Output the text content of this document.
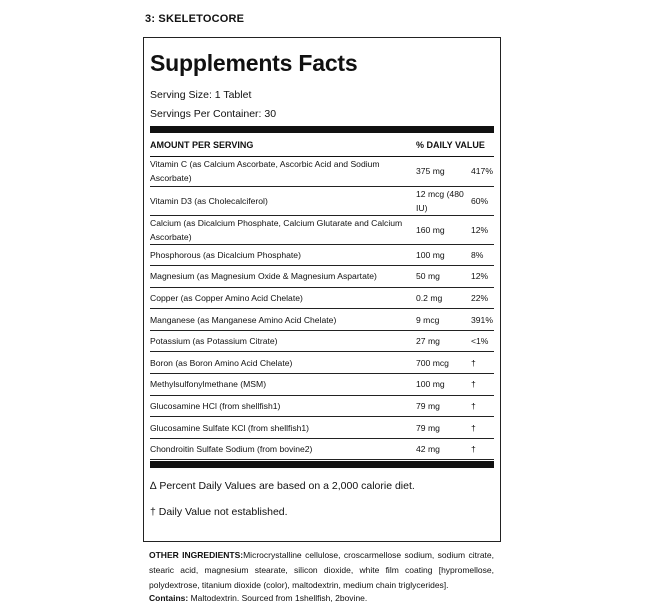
3: SKELETOCORE
Supplements Facts
Serving Size: 1 Tablet
Servings Per Container: 30
AMOUNT PER SERVING	% DAILY VALUE
Vitamin C (as Calcium Ascorbate, Ascorbic Acid and Sodium Ascorbate)	375 mg	417%
Vitamin D3 (as Cholecalciferol)	12 mcg (480 IU)	60%
Calcium (as Dicalcium Phosphate, Calcium Glutarate and Calcium Ascorbate)	160 mg	12%
Phosphorous (as Dicalcium Phosphate)	100 mg	8%
Magnesium (as Magnesium Oxide & Magnesium Aspartate)	50 mg	12%
Copper (as Copper Amino Acid Chelate)	0.2 mg	22%
Manganese (as Manganese Amino Acid Chelate)	9 mcg	391%
Potassium (as Potassium Citrate)	27 mg	<1%
Boron (as Boron Amino Acid Chelate)	700 mcg	†
Methylsulfonylmethane (MSM)	100 mg	†
Glucosamine HCl (from shellfish1)	79 mg	†
Glucosamine Sulfate KCl (from shellfish1)	79 mg	†
Chondroitin Sulfate Sodium (from bovine2)	42 mg	†
∆ Percent Daily Values are based on a 2,000 calorie diet.
† Daily Value not established.
OTHER INGREDIENTS:Microcrystalline cellulose, croscarmellose sodium, sodium citrate, stearic acid, magnesium stearate, silicon dioxide, white film coating [hypromellose, polydextrose, titanium dioxide (color), maltodextrin, medium chain triglycerides].
Contains: Maltodextrin. Sourced from 1shellfish, 2bovine.
